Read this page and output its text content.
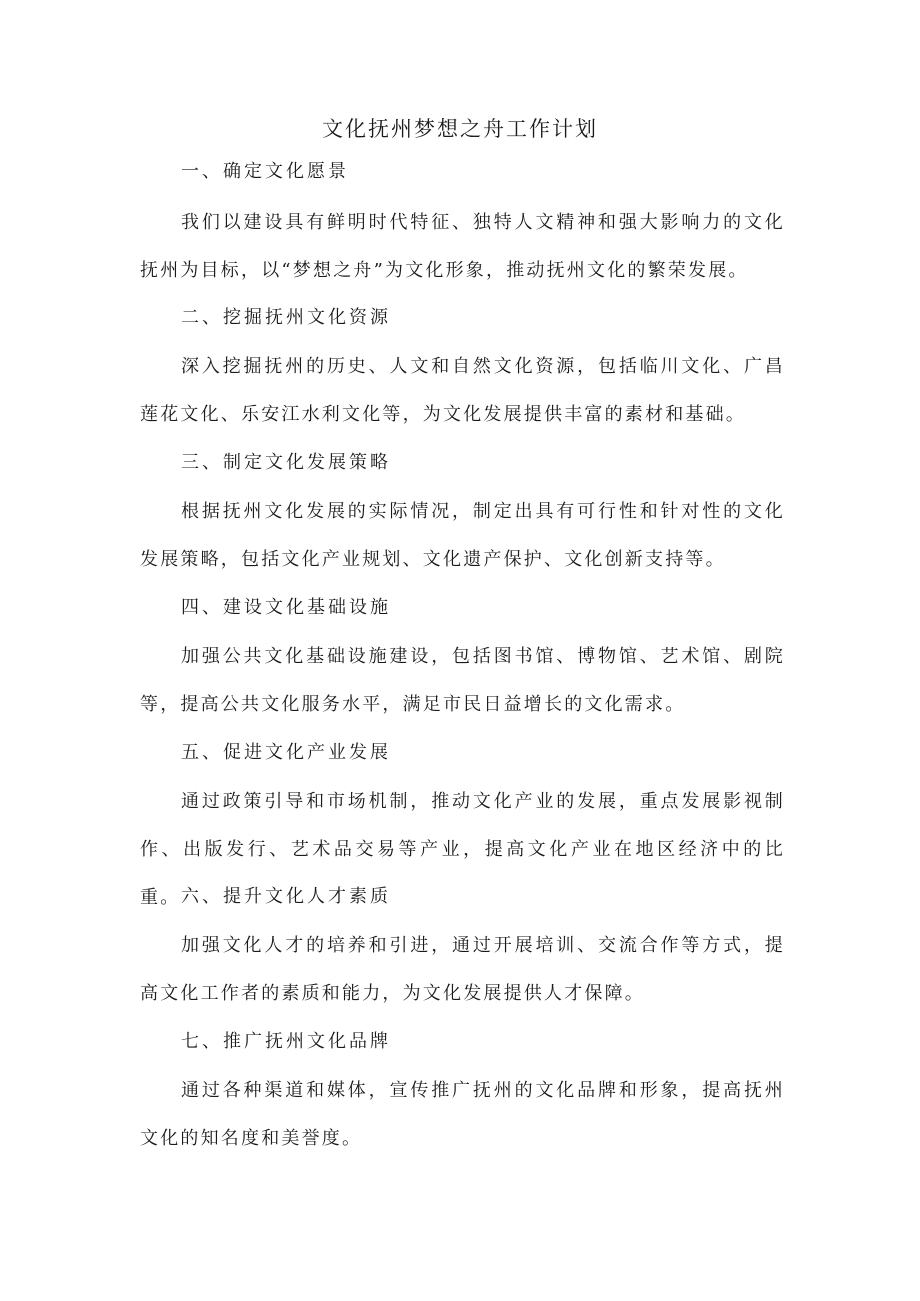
文化抚州梦想之舟工作计划
一、确定文化愿景

我们以建设具有鲜明时代特征、独特人文精神和强大影响力的文化抚州为目标，以“梦想之舟”为文化形象，推动抚州文化的繁荣发展。

二、挖掘抚州文化资源

深入挖掘抚州的历史、人文和自然文化资源，包括临川文化、广昌莲花文化、乐安江水利文化等，为文化发展提供丰富的素材和基础。

三、制定文化发展策略

根据抚州文化发展的实际情况，制定出具有可行性和针对性的文化发展策略，包括文化产业规划、文化遗产保护、文化创新支持等。

四、建设文化基础设施

加强公共文化基础设施建设，包括图书馆、博物馆、艺术馆、剧院等，提高公共文化服务水平，满足市民日益增长的文化需求。

五、促进文化产业发展

通过政策引导和市场机制，推动文化产业的发展，重点发展影视制作、出版发行、艺术品交易等产业，提高文化产业在地区经济中的比重。 六、提升文化人才素质

加强文化人才的培养和引进，通过开展培训、交流合作等方式，提高文化工作者的素质和能力，为文化发展提供人才保障。

七、推广抚州文化品牌

通过各种渠道和媒体，宣传推广抚州的文化品牌和形象，提高抚州文化的知名度和美誉度。
